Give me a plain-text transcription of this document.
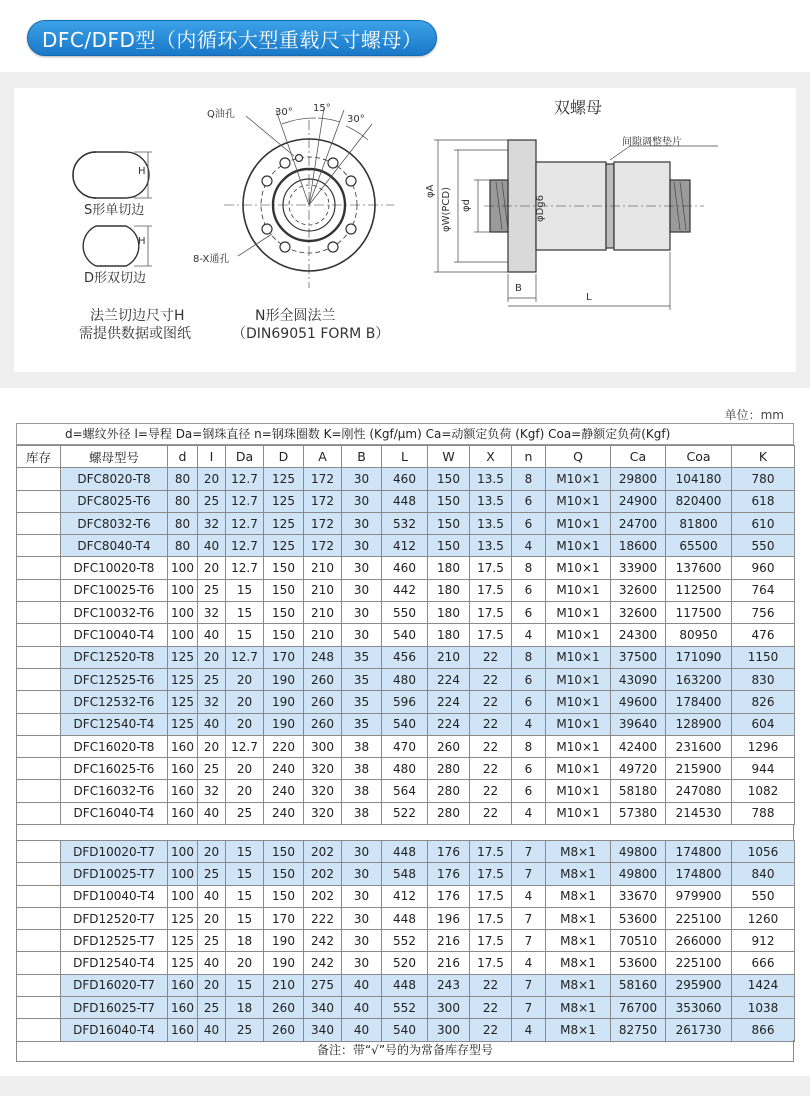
DFC/DFD型（内循环大型重载尺寸螺母）
S形单切边
D形双切边
H
H
法兰切边尺寸H
需提供数据或图纸
Q油孔
8-X通孔
30° 15°
30°
N形全圆法兰
（DIN69051 FORM B）
双螺母
间隙调整垫片
φA φW(PCD) φd	φDg6
B
L
单位：mm
d=螺纹外径 l=导程 Da=钢珠直径 n=钢珠圈数 K=刚性 (Kgf/μm) Ca=动额定负荷 (Kgf) Coa=静额定负荷(Kgf)
库存	螺母型号	d	I	Da	D	A	B	L	W	X	n	Q	Ca	Coa	K
	DFC8020-T8	80	20	12.7	125	172	30	460	150	13.5	8	M10×1	29800	104180	780
	DFC8025-T6	80	25	12.7	125	172	30	448	150	13.5	6	M10×1	24900	820400	618
	DFC8032-T6	80	32	12.7	125	172	30	532	150	13.5	6	M10×1	24700	81800	610
	DFC8040-T4	80	40	12.7	125	172	30	412	150	13.5	4	M10×1	18600	65500	550
	DFC10020-T8	100	20	12.7	150	210	30	460	180	17.5	8	M10×1	33900	137600	960
	DFC10025-T6	100	25	15	150	210	30	442	180	17.5	6	M10×1	32600	112500	764
	DFC10032-T6	100	32	15	150	210	30	550	180	17.5	6	M10×1	32600	117500	756
	DFC10040-T4	100	40	15	150	210	30	540	180	17.5	4	M10×1	24300	80950	476
	DFC12520-T8	125	20	12.7	170	248	35	456	210	22	8	M10×1	37500	171090	1150
	DFC12525-T6	125	25	20	190	260	35	480	224	22	6	M10×1	43090	163200	830
	DFC12532-T6	125	32	20	190	260	35	596	224	22	6	M10×1	49600	178400	826
	DFC12540-T4	125	40	20	190	260	35	540	224	22	4	M10×1	39640	128900	604
	DFC16020-T8	160	20	12.7	220	300	38	470	260	22	8	M10×1	42400	231600	1296
	DFC16025-T6	160	25	20	240	320	38	480	280	22	6	M10×1	49720	215900	944
	DFC16032-T6	160	32	20	240	320	38	564	280	22	6	M10×1	58180	247080	1082
	DFC16040-T4	160	40	25	240	320	38	522	280	22	4	M10×1	57380	214530	788
	DFD10020-T7	100	20	15	150	202	30	448	176	17.5	7	M8×1	49800	174800	1056
	DFD10025-T7	100	25	15	150	202	30	548	176	17.5	7	M8×1	49800	174800	840
	DFD10040-T4	100	40	15	150	202	30	412	176	17.5	4	M8×1	33670	979900	550
	DFD12520-T7	125	20	15	170	222	30	448	196	17.5	7	M8×1	53600	225100	1260
	DFD12525-T7	125	25	18	190	242	30	552	216	17.5	7	M8×1	70510	266000	912
	DFD12540-T4	125	40	20	190	242	30	520	216	17.5	4	M8×1	53600	225100	666
	DFD16020-T7	160	20	15	210	275	40	448	243	22	7	M8×1	58160	295900	1424
	DFD16025-T7	160	25	18	260	340	40	552	300	22	7	M8×1	76700	353060	1038
	DFD16040-T4	160	40	25	260	340	40	540	300	22	4	M8×1	82750	261730	866
备注：带“√”号的为常备库存型号
